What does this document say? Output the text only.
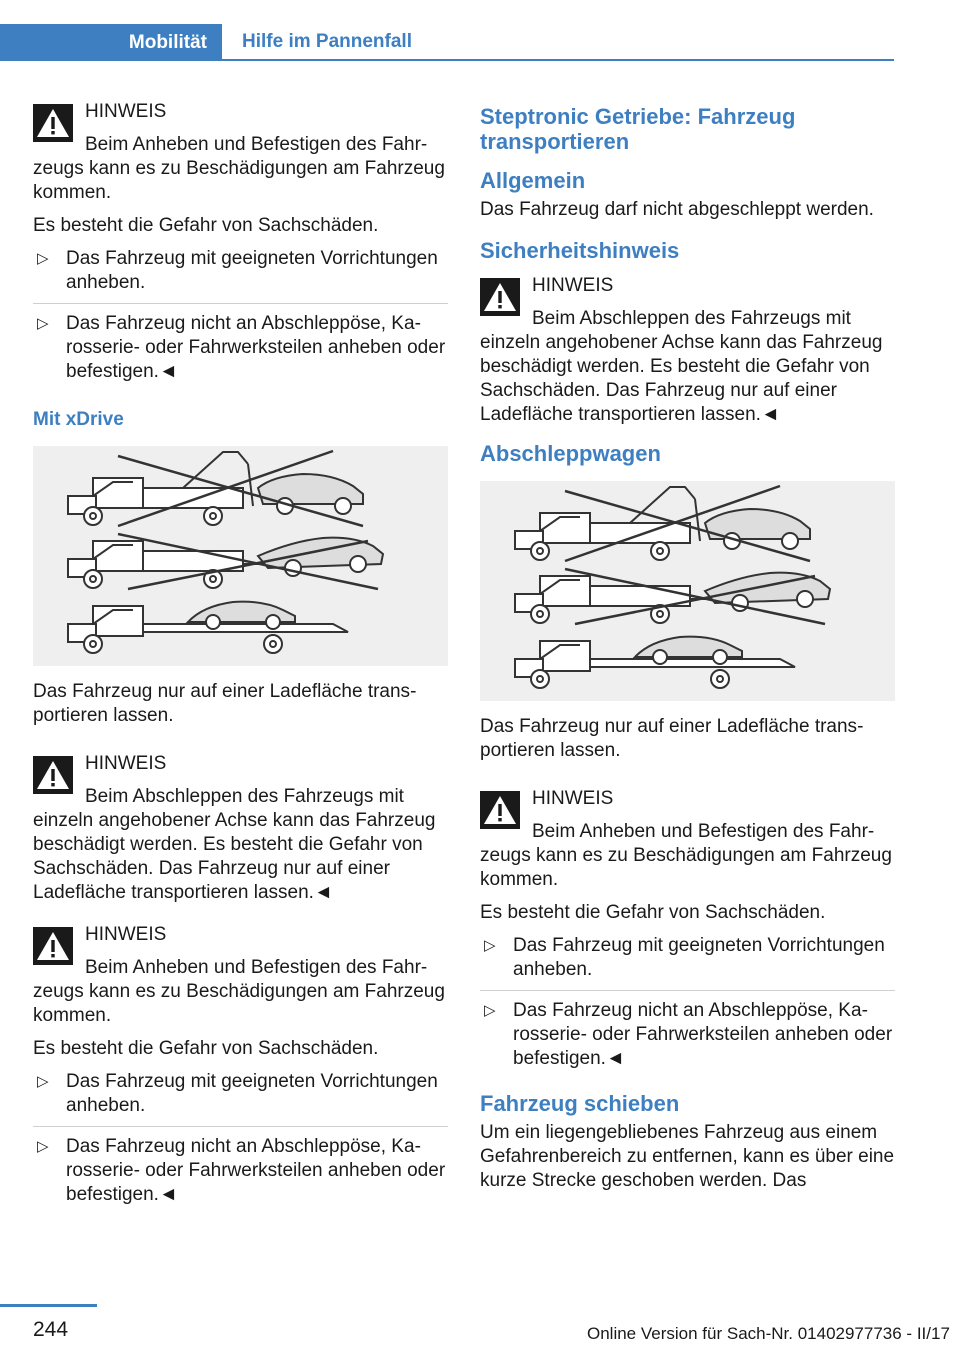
Mobilität Hilfe im Pannenfall
HINWEIS
Beim Anheben und Befestigen des Fahrzeugs kann es zu Beschädigungen am Fahrzeug kommen.

Es besteht die Gefahr von Sachschäden.

▷ Das Fahrzeug mit geeigneten Vorrichtungen anheben.
▷ Das Fahrzeug nicht an Abschleppöse, Karosserie- oder Fahrwerksteilen anheben oder befestigen.◄
Mit xDrive

Das Fahrzeug nur auf einer Ladefläche transportieren lassen.

HINWEIS
Beim Abschleppen des Fahrzeugs mit einzeln angehobener Achse kann das Fahrzeug beschädigt werden. Es besteht die Gefahr von Sachschäden. Das Fahrzeug nur auf einer Ladefläche transportieren lassen.◄
HINWEIS
Beim Anheben und Befestigen des Fahrzeugs kann es zu Beschädigungen am Fahrzeug kommen.

Es besteht die Gefahr von Sachschäden.

▷ Das Fahrzeug mit geeigneten Vorrichtungen anheben.
▷ Das Fahrzeug nicht an Abschleppöse, Karosserie- oder Fahrwerksteilen anheben oder befestigen.◄
Steptronic Getriebe: Fahrzeug transportieren
Allgemein

Das Fahrzeug darf nicht abgeschleppt werden.

Sicherheitshinweis
HINWEIS
Beim Abschleppen des Fahrzeugs mit einzeln angehobener Achse kann das Fahrzeug beschädigt werden. Es besteht die Gefahr von Sachschäden. Das Fahrzeug nur auf einer Ladefläche transportieren lassen.◄
Abschleppwagen

Das Fahrzeug nur auf einer Ladefläche transportieren lassen.

HINWEIS
Beim Anheben und Befestigen des Fahrzeugs kann es zu Beschädigungen am Fahrzeug kommen.

Es besteht die Gefahr von Sachschäden.

▷ Das Fahrzeug mit geeigneten Vorrichtungen anheben.
▷ Das Fahrzeug nicht an Abschleppöse, Karosserie- oder Fahrwerksteilen anheben oder befestigen.◄
Fahrzeug schieben

Um ein liegengebliebenes Fahrzeug aus einem Gefahrenbereich zu entfernen, kann es über eine kurze Strecke geschoben werden. Das

244	Online Version für Sach-Nr. 01402977736 - II/17
